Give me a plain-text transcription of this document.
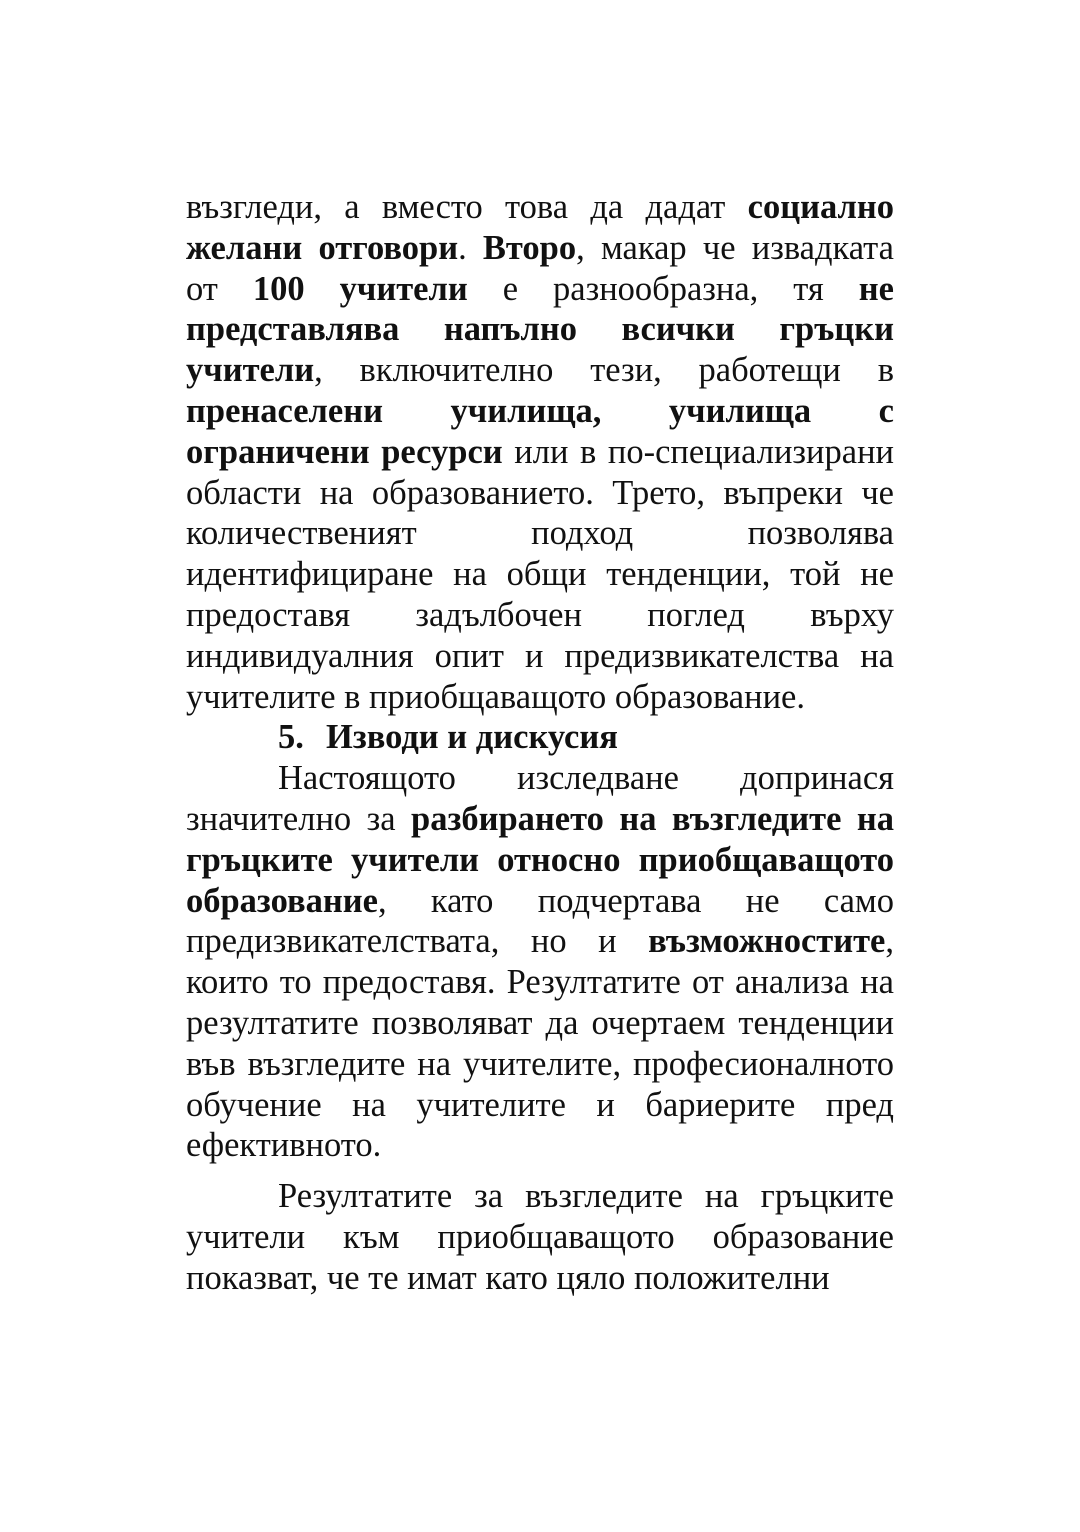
възгледи, а вместо това да дадат социално желани отговори. Второ, макар че извадката от 100 учители е разнообразна, тя не представлява напълно всички гръцки учители, включително тези, работещи в пренаселени училища, училища с ограничени ресурси или в по-специализирани области на образованието. Трето, въпреки че количественият подход позволява идентифициране на общи тенденции, той не предоставя задълбочен поглед върху индивидуалния опит и предизвикателства на учителите в приобщаващото образование.

5. Изводи и дискусия

Настоящото изследване допринася значително за разбирането на възгледите на гръцките учители относно приобщаващото образование, като подчертава не само предизвикателствата, но и възможностите, които то предоставя. Резултатите от анализа на резултатите позволяват да очертаем тенденции във възгледите на учителите, професионалното обучение на учителите и бариерите пред ефективното.

Резултатите за възгледите на гръцките учители към приобщаващото образование показват, че те имат като цяло положителни
